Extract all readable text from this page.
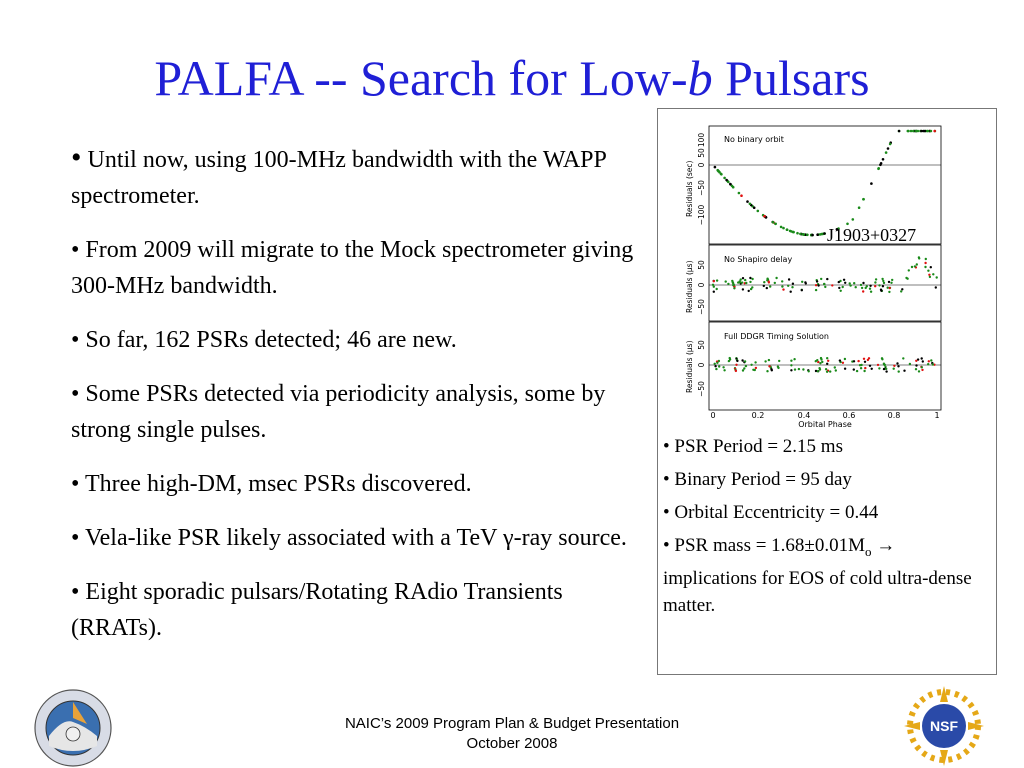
PALFA -- Search for Low-b Pulsars

• Until now, using 100-MHz bandwidth with the WAPP spectrometer.

• From 2009 will migrate to the Mock spectrometer giving 300-MHz bandwidth.

• So far, 162 PSRs detected; 46 are new.

• Some PSRs detected via periodicity analysis, some by strong single pulses.

• Three high-DM, msec PSRs discovered.

• Vela-like PSR likely associated with a TeV γ-ray source.

• Eight sporadic pulsars/Rotating RAdio Transients (RRATs).

No binary orbit
No Shapiro delay
Full DDGR Timing Solution
Residuals (sec)
Residuals (μs)
Residuals (μs)
100
50
0
−50
−100
50
0
−50
50
0
−50
0	0.2	0.4	0.6	0.8	1
Orbital Phase
J1903+0327

• PSR Period = 2.15 ms

• Binary Period = 95 day

• Orbital Eccentricity = 0.44

• PSR mass = $1.68\pm 0.01M_o$ → implications for EOS of cold ultra-dense matter.

NAIC’s 2009 Program Plan & Budget Presentation
October 2008
NSF
